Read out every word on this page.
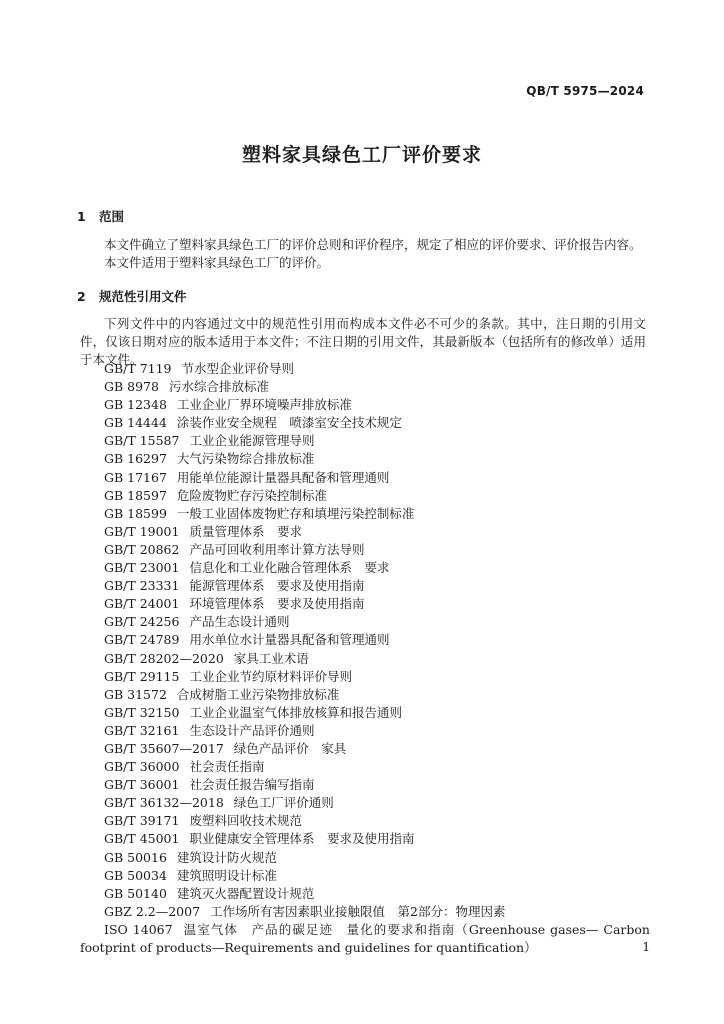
QB/T 5975—2024
塑料家具绿色工厂评价要求
1 范围
本文件确立了塑料家具绿色工厂的评价总则和评价程序，规定了相应的评价要求、评价报告内容。
本文件适用于塑料家具绿色工厂的评价。
2 规范性引用文件
下列文件中的内容通过文中的规范性引用而构成本文件必不可少的条款。其中，注日期的引用文件，仅该日期对应的版本适用于本文件；不注日期的引用文件，其最新版本（包括所有的修改单）适用于本文件。
GB/T 7119 节水型企业评价导则
GB 8978 污水综合排放标准
GB 12348 工业企业厂界环境噪声排放标准
GB 14444 涂装作业安全规程　喷漆室安全技术规定
GB/T 15587 工业企业能源管理导则
GB 16297 大气污染物综合排放标准
GB 17167 用能单位能源计量器具配备和管理通则
GB 18597 危险废物贮存污染控制标准
GB 18599 一般工业固体废物贮存和填埋污染控制标准
GB/T 19001 质量管理体系　要求
GB/T 20862 产品可回收利用率计算方法导则
GB/T 23001 信息化和工业化融合管理体系　要求
GB/T 23331 能源管理体系　要求及使用指南
GB/T 24001 环境管理体系　要求及使用指南
GB/T 24256 产品生态设计通则
GB/T 24789 用水单位水计量器具配备和管理通则
GB/T 28202—2020 家具工业术语
GB/T 29115 工业企业节约原材料评价导则
GB 31572 合成树脂工业污染物排放标准
GB/T 32150 工业企业温室气体排放核算和报告通则
GB/T 32161 生态设计产品评价通则
GB/T 35607—2017 绿色产品评价　家具
GB/T 36000 社会责任指南
GB/T 36001 社会责任报告编写指南
GB/T 36132—2018 绿色工厂评价通则
GB/T 39171 废塑料回收技术规范
GB/T 45001 职业健康安全管理体系　要求及使用指南
GB 50016 建筑设计防火规范
GB 50034 建筑照明设计标准
GB 50140 建筑灭火器配置设计规范
GBZ 2.2—2007 工作场所有害因素职业接触限值　第2部分：物理因素
ISO 14067 温室气体　产品的碳足迹　量化的要求和指南（Greenhouse gases— Carbon footprint of products—Requirements and guidelines for quantification）	1
